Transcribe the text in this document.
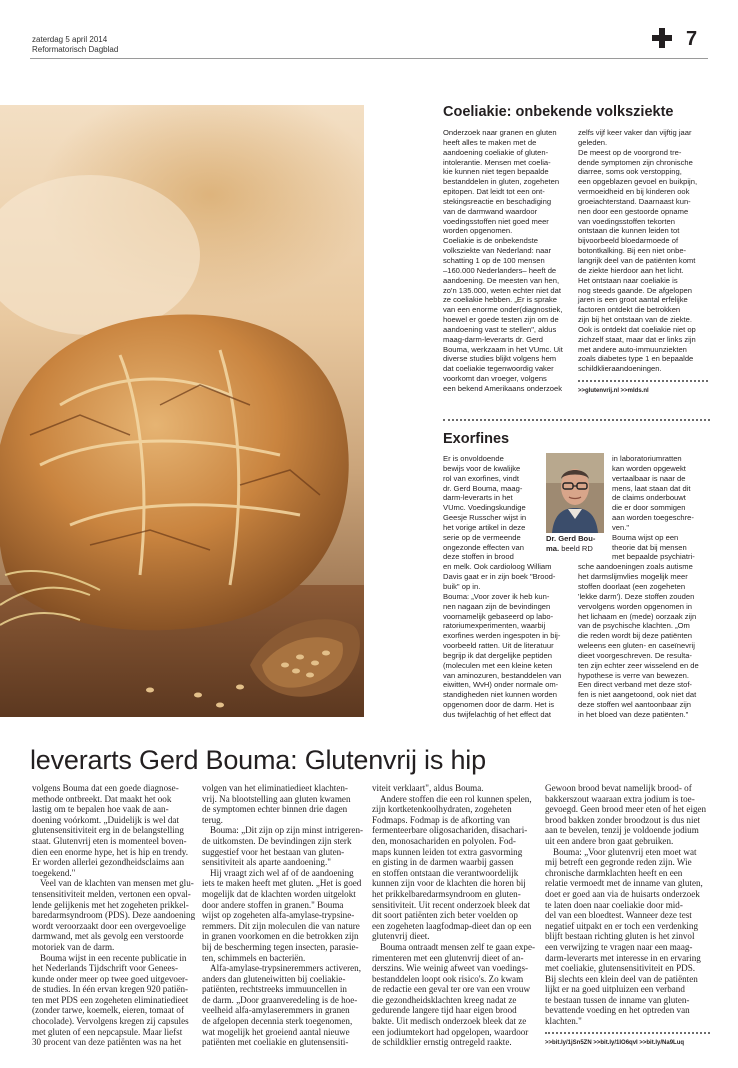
zaterdag 5 april 2014
Reformatorisch Dagblad	7
Coeliakie: onbekende volksziekte

Onderzoek naar granen en gluten

heeft alles te maken met de

aandoening coeliakie of gluten-

intolerantie. Mensen met coelia-

kie kunnen niet tegen bepaalde

bestanddelen in gluten, zogeheten

epitopen. Dat leidt tot een ont-

stekingsreactie en beschadiging

van de darmwand waardoor

voedingsstoffen niet goed meer

worden opgenomen.

Coeliakie is de onbekendste

volksziekte van Nederland: naar

schatting 1 op de 100 mensen

–160.000 Nederlanders– heeft de

aandoening. De meesten van hen,

zo'n 135.000, weten echter niet dat

ze coeliakie hebben. „Er is sprake

van een enorme onder(diagnostiek,

hoewel er goede testen zijn om de

aandoening vast te stellen", aldus

maag-darm-leverarts dr. Gerd

Bouma, werkzaam in het VUmc. Uit

diverse studies blijkt volgens hem

dat coeliakie tegenwoordig vaker

voorkomt dan vroeger, volgens

een bekend Amerikaans onderzoek

zelfs vijf keer vaker dan vijftig jaar

geleden.

De meest op de voorgrond tre-

dende symptomen zijn chronische

diarree, soms ook verstopping,

een opgeblazen gevoel en buikpijn,

vermoeidheid en bij kinderen ook

groeiachterstand. Daarnaast kun-

nen door een gestoorde opname

van voedingsstoffen tekorten

ontstaan die kunnen leiden tot

bijvoorbeeld bloedarmoede of

botontkalking. Bij een niet onbe-

langrijk deel van de patiënten komt

de ziekte hierdoor aan het licht.

Het ontstaan naar coeliakie is

nog steeds gaande. De afgelopen

jaren is een groot aantal erfelijke

factoren ontdekt die betrokken

zijn bij het ontstaan van de ziekte.

Ook is ontdekt dat coeliakie niet op

zichzelf staat, maar dat er links zijn

met andere auto-immuunziekten

zoals diabetes type 1 en bepaalde

schildklieraandoeningen.

>>glutenvrij.nl >>mlds.nl
Exorfines

Er is onvoldoende

bewijs voor de kwalijke

rol van exorfines, vindt

dr. Gerd Bouma, maag-

darm-leverarts in het

VUmc. Voedingskundige

Geesje Russcher wijst in

het vorige artikel in deze

serie op de vermeende

ongezonde effecten van

deze stoffen in brood

en melk. Ook cardioloog William

Davis gaat er in zijn boek "Brood-

buik" op in.

Bouma: „Voor zover ik heb kun-

nen nagaan zijn de bevindingen

voornamelijk gebaseerd op labo-

ratoriumexperimenten, waarbij

exorfines werden ingespoten in bij-

voorbeeld ratten. Uit de literatuur

begrijp ik dat dergelijke peptiden

(moleculen met een kleine keten

van aminozuren, bestanddelen van

eiwitten, WvH) onder normale om-

standigheden niet kunnen worden

opgenomen door de darm. Het is

dus twijfelachtig of het effect dat

in laboratoriumratten

kan worden opgewekt

vertaalbaar is naar de

mens, laat staan dat dit

de claims onderbouwt

die er door sommigen

aan worden toegeschre-

ven."

Bouma wijst op een

theorie dat bij mensen

met bepaalde psychiatri-

sche aandoeningen zoals autisme

het darmslijmvlies mogelijk meer

stoffen doorlaat (een zogeheten

'lekke darm'). Deze stoffen zouden

vervolgens worden opgenomen in

het lichaam en (mede) oorzaak zijn

van de psychische klachten. „Om

die reden wordt bij deze patiënten

weleens een gluten- en caseïnevrij

dieet voorgeschreven. De resulta-

ten zijn echter zeer wisselend en de

hypothese is verre van bewezen.

Een direct verband met deze stof-

fen is niet aangetoond, ook niet dat

deze stoffen wel aantoonbaar zijn

in het bloed van deze patiënten."

Dr. Gerd Bou-
ma. beeld RD
leverarts Gerd Bouma: Glutenvrij is hip

volgens Bouma dat een goede diagnose-

methode ontbreekt. Dat maakt het ook

lastig om te bepalen hoe vaak de aan-

doening voórkomt. „Duidelijk is wel dat

glutensensitiviteit erg in de belangstelling

staat. Glutenvrij eten is momenteel boven-

dien een enorme hype, het is hip en trendy.

Er worden allerlei gezondheidsclaims aan

toegekend."

Veel van de klachten van mensen met glu-

tensensitiviteit melden, vertonen een opval-

lende gelijkenis met het zogeheten prikkel-

baredarmsyndroom (PDS). Deze aandoening

wordt veroorzaakt door een overgevoelige

darmwand, met als gevolg een verstoorde

motoriek van de darm.

Bouma wijst in een recente publicatie in

het Nederlands Tijdschrift voor Genees-

kunde onder meer op twee goed uitgevoer-

de studies. In één ervan kregen 920 patiën-

ten met PDS een zogeheten eliminatiedieet

(zonder tarwe, koemelk, eieren, tomaat of

chocolade). Vervolgens kregen zij capsules

met gluten of een nepcapsule. Maar liefst

30 procent van deze patiënten was na het

volgen van het eliminatiedieet klachten-

vrij. Na blootstelling aan gluten kwamen

de symptomen echter binnen drie dagen

terug.

Bouma: „Dit zijn op zijn minst intrigeren-

de uitkomsten. De bevindingen zijn sterk

suggestief voor het bestaan van gluten-

sensitiviteit als aparte aandoening."

Hij vraagt zich wel af of de aandoening

iets te maken heeft met gluten. „Het is goed

mogelijk dat de klachten worden uitgelokt

door andere stoffen in granen." Bouma

wijst op zogeheten alfa-amylase-trypsine-

remmers. Dit zijn moleculen die van nature

in granen voorkomen en die betrokken zijn

bij de bescherming tegen insecten, parasie-

ten, schimmels en bacteriën.

Alfa-amylase-trypsineremmers activeren,

anders dan gluteneiwitten bij coeliakie-

patiënten, rechtstreeks immuuncellen in

de darm. „Door graanveredeling is de hoe-

veelheid alfa-amylaseremmers in granen

de afgelopen decennia sterk toegenomen,

wat mogelijk het groeiend aantal nieuwe

patiënten met coeliakie en glutensensiti-

viteit verklaart", aldus Bouma.

Andere stoffen die een rol kunnen spelen,

zijn kortketenkoolhydraten, zogeheten

Fodmaps. Fodmap is de afkorting van

fermenteerbare oligosachariden, disachari-

den, monosachariden en polyolen. Fod-

maps kunnen leiden tot extra gasvorming

en gisting in de darmen waarbij gassen

en stoffen ontstaan die verantwoordelijk

kunnen zijn voor de klachten die horen bij

het prikkelbaredarmsyndroom en gluten-

sensitiviteit. Uit recent onderzoek bleek dat

dit soort patiënten zich beter voelden op

een zogeheten laagfodmap-dieet dan op een

glutenvrij dieet.

Bouma ontraadt mensen zelf te gaan expe-

rimenteren met een glutenvrij dieet of an-

derszins. Wie weinig afweet van voedings-

bestanddelen loopt ook risico's. Zo kwam

de redactie een geval ter ore van een vrouw

die gezondheidsklachten kreeg nadat ze

gedurende langere tijd haar eigen brood

bakte. Uit medisch onderzoek bleek dat ze

een jodiumtekort had opgelopen, waardoor

de schildklier ernstig ontregeld raakte.

Gewoon brood bevat namelijk brood- of

bakkerszout waaraan extra jodium is toe-

gevoegd. Geen brood meer eten of het eigen

brood bakken zonder broodzout is dus niet

aan te bevelen, tenzij je voldoende jodium

uit een andere bron gaat gebruiken.

Bouma: „Voor glutenvrij eten moet wat

mij betreft een gegronde reden zijn. Wie

chronische darmklachten heeft en een

relatie vermoedt met de inname van gluten,

doet er goed aan via de huisarts onderzoek

te laten doen naar coeliakie door mid-

del van een bloedtest. Wanneer deze test

negatief uitpakt en er toch een verdenking

blijft bestaan richting gluten is het zinvol

een verwijzing te vragen naar een maag-

darm-leverarts met interesse in en ervaring

met coeliakie, glutensensitiviteit en PDS.

Bij slechts een klein deel van de patiënten

lijkt er na goed uitpluizen een verband

te bestaan tussen de inname van gluten-

bevattende voeding en het optreden van

klachten."

>>bit.ly/1jSn5ZN >>bit.ly/1lO6qvI >>bit.ly/Na9Luq
